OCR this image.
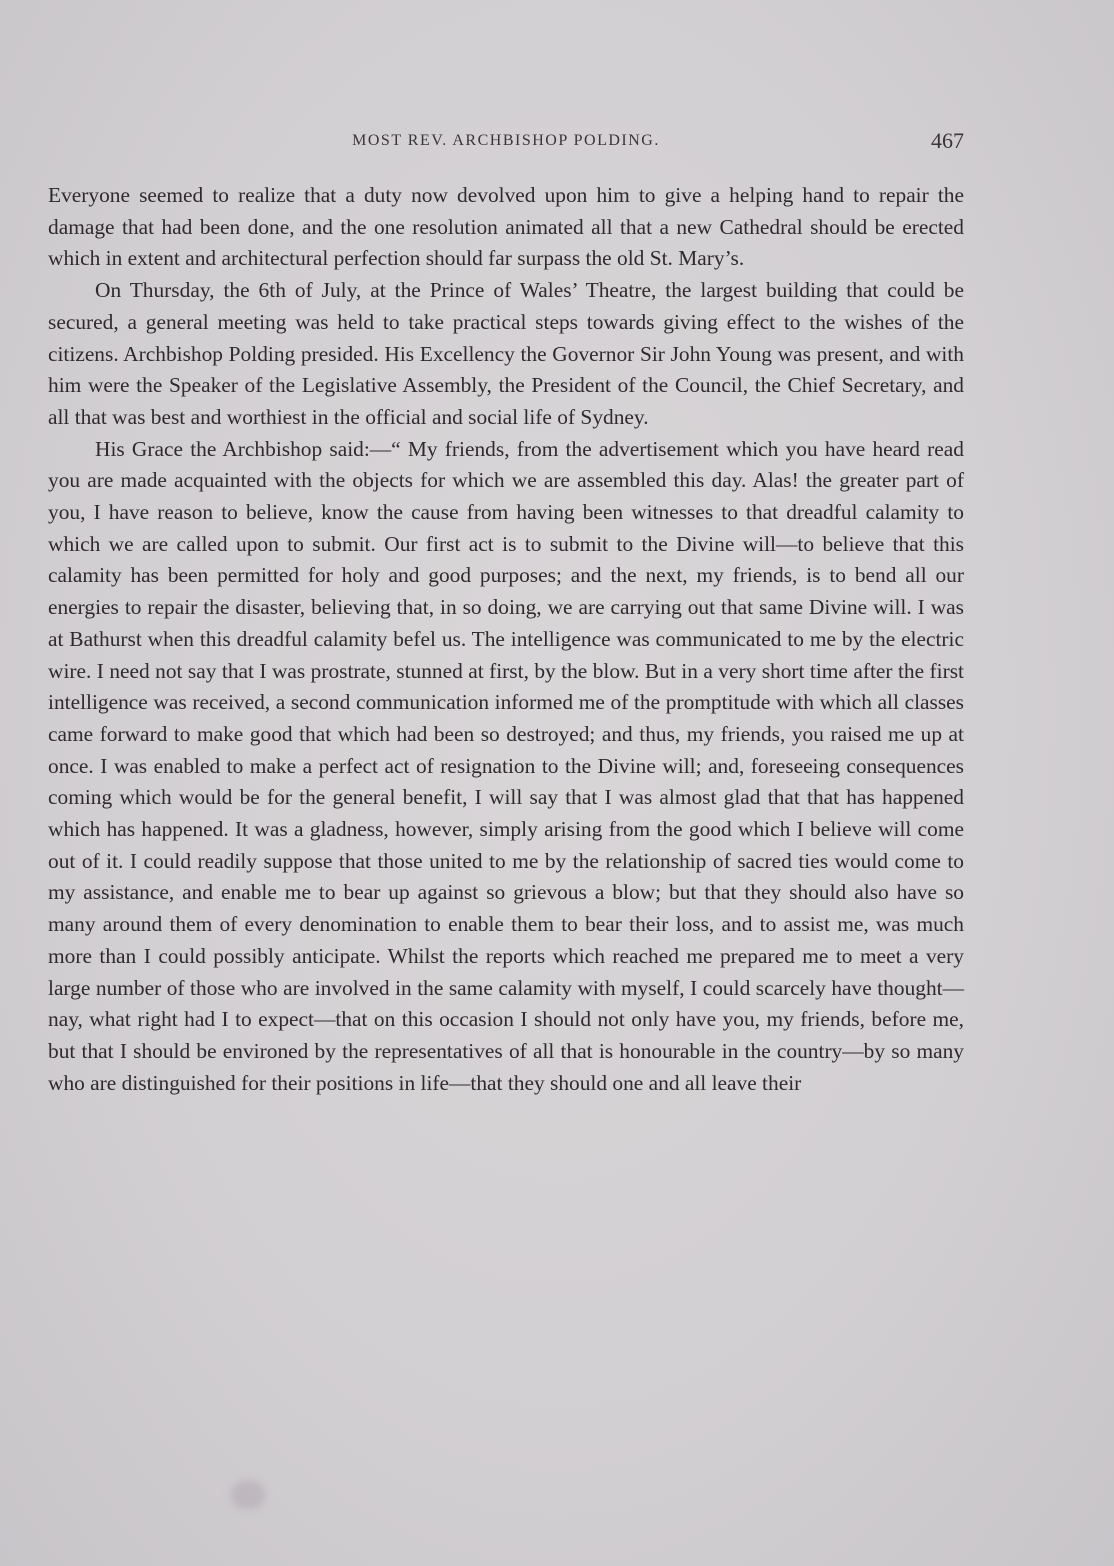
MOST REV. ARCHBISHOP POLDING.	467

Everyone seemed to realize that a duty now devolved upon him to give a helping hand to repair the damage that had been done, and the one resolution animated all that a new Cathedral should be erected which in extent and architectural perfection should far surpass the old St. Mary’s.

On Thursday, the 6th of July, at the Prince of Wales’ Theatre, the largest building that could be secured, a general meeting was held to take practical steps towards giving effect to the wishes of the citizens. Archbishop Polding presided. His Excellency the Governor Sir John Young was present, and with him were the Speaker of the Legislative Assembly, the President of the Council, the Chief Secretary, and all that was best and worthiest in the official and social life of Sydney.

His Grace the Archbishop said:—“ My friends, from the advertisement which you have heard read you are made acquainted with the objects for which we are assembled this day. Alas! the greater part of you, I have reason to believe, know the cause from having been witnesses to that dreadful calamity to which we are called upon to submit. Our first act is to submit to the Divine will—to believe that this calamity has been permitted for holy and good purposes; and the next, my friends, is to bend all our energies to repair the disaster, believing that, in so doing, we are carrying out that same Divine will. I was at Bathurst when this dreadful calamity befel us. The intelligence was communicated to me by the electric wire. I need not say that I was prostrate, stunned at first, by the blow. But in a very short time after the first intelligence was received, a second communication informed me of the promptitude with which all classes came forward to make good that which had been so destroyed; and thus, my friends, you raised me up at once. I was enabled to make a perfect act of resignation to the Divine will; and, foreseeing consequences coming which would be for the general benefit, I will say that I was almost glad that that has happened which has happened. It was a gladness, however, simply arising from the good which I believe will come out of it. I could readily suppose that those united to me by the relationship of sacred ties would come to my assistance, and enable me to bear up against so grievous a blow; but that they should also have so many around them of every denomination to enable them to bear their loss, and to assist me, was much more than I could possibly anticipate. Whilst the reports which reached me prepared me to meet a very large number of those who are involved in the same calamity with myself, I could scarcely have thought—nay, what right had I to expect—that on this occasion I should not only have you, my friends, before me, but that I should be environed by the representatives of all that is honourable in the country—by so many who are distinguished for their positions in life—that they should one and all leave their
